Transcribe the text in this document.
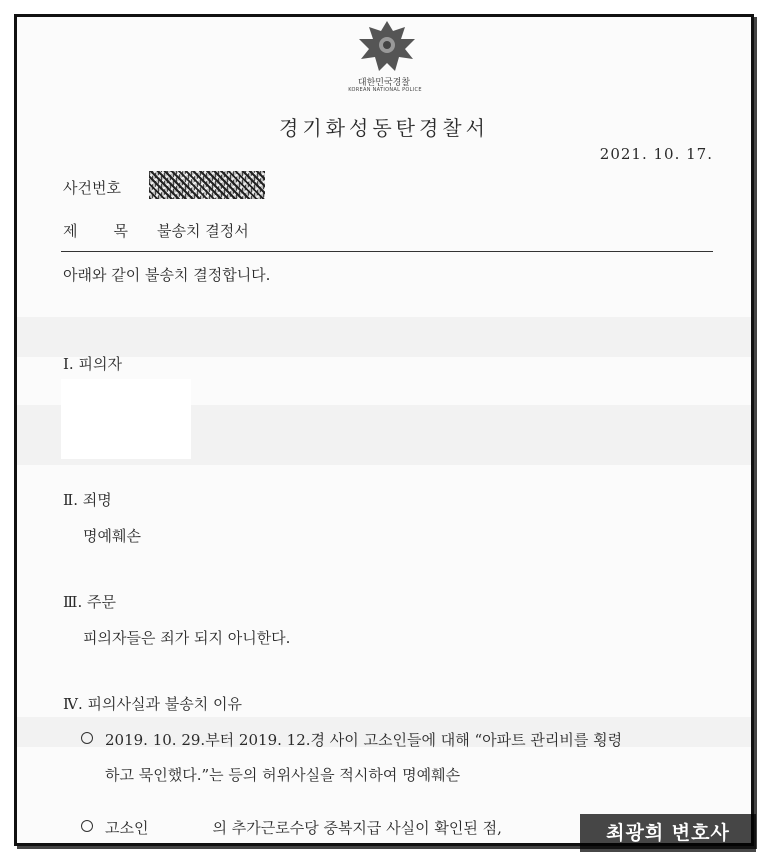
대한민국경찰
KOREAN NATIONAL POLICE
경기화성동탄경찰서
2021. 10. 17.
사건번호
제　　목 불송치 결정서
아래와 같이 불송치 결정합니다.
Ⅰ. 피의자
Ⅱ. 죄명
명예훼손
Ⅲ. 주문
피의자들은 죄가 되지 아니한다.
Ⅳ. 피의사실과 불송치 이유
2019. 10. 29.부터 2019. 12.경 사이 고소인들에 대해 “아파트 관리비를 횡령
하고 묵인했다.”는 등의 허위사실을 적시하여 명예훼손
고소인	의 추가근로수당 중복지급 사실이 확인된 점,	최광희 변호사
